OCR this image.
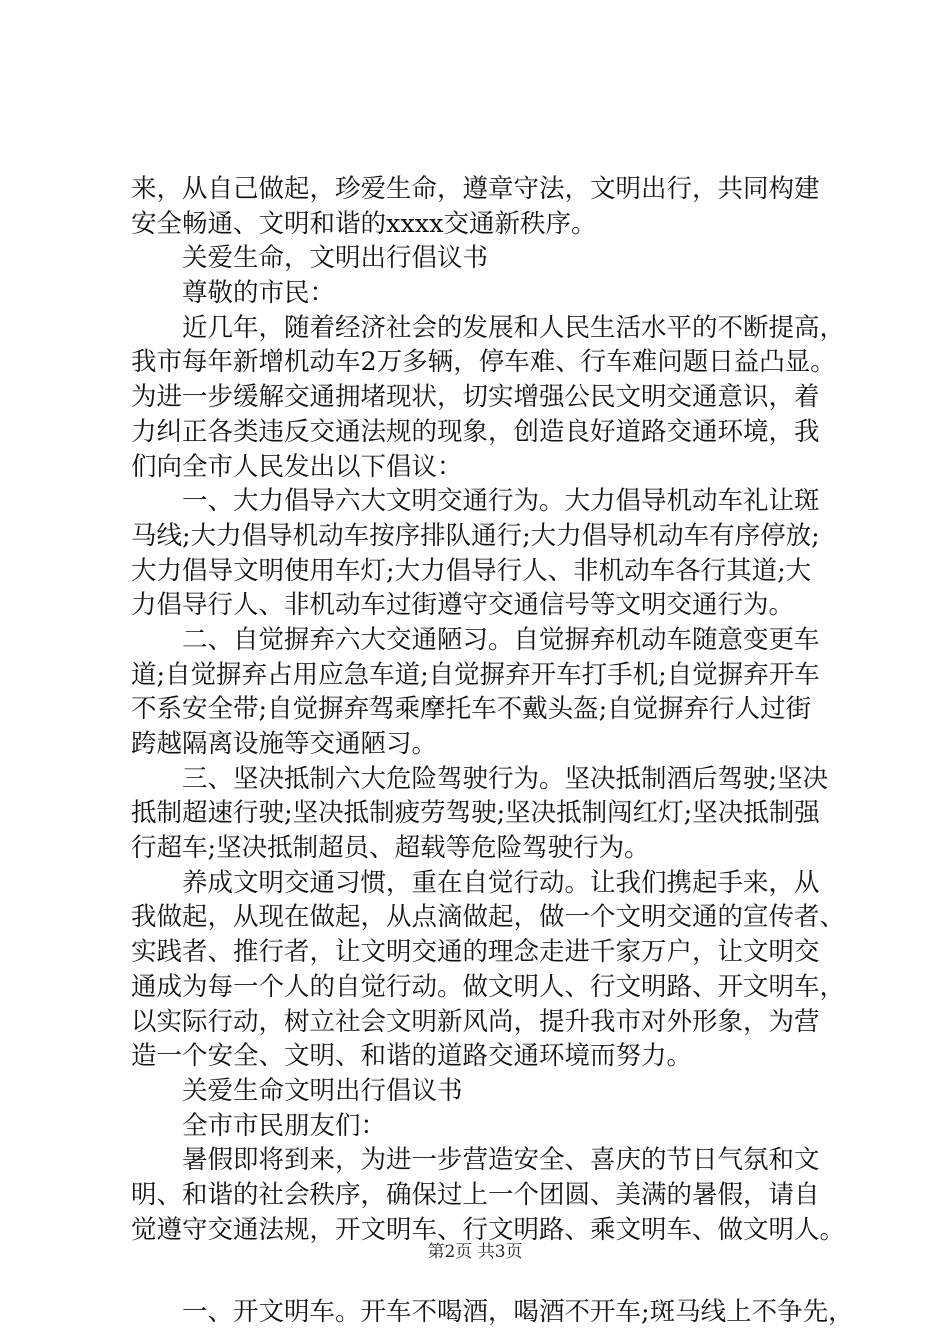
来，从自己做起，珍爱生命，遵章守法，文明出行，共同构建
安全畅通、文明和谐的xxxx交通新秩序。
关爱生命，文明出行倡议书
尊敬的市民：
近几年，随着经济社会的发展和人民生活水平的不断提高，
我市每年新增机动车2万多辆，停车难、行车难问题日益凸显。
为进一步缓解交通拥堵现状，切实增强公民文明交通意识，着
力纠正各类违反交通法规的现象，创造良好道路交通环境，我
们向全市人民发出以下倡议：
一、大力倡导六大文明交通行为。大力倡导机动车礼让斑
马线;大力倡导机动车按序排队通行;大力倡导机动车有序停放;
大力倡导文明使用车灯;大力倡导行人、非机动车各行其道;大
力倡导行人、非机动车过街遵守交通信号等文明交通行为。
二、自觉摒弃六大交通陋习。自觉摒弃机动车随意变更车
道;自觉摒弃占用应急车道;自觉摒弃开车打手机;自觉摒弃开车
不系安全带;自觉摒弃驾乘摩托车不戴头盔;自觉摒弃行人过街
跨越隔离设施等交通陋习。
三、坚决抵制六大危险驾驶行为。坚决抵制酒后驾驶;坚决
抵制超速行驶;坚决抵制疲劳驾驶;坚决抵制闯红灯;坚决抵制强
行超车;坚决抵制超员、超载等危险驾驶行为。
养成文明交通习惯，重在自觉行动。让我们携起手来，从
我做起，从现在做起，从点滴做起，做一个文明交通的宣传者、
实践者、推行者，让文明交通的理念走进千家万户，让文明交
通成为每一个人的自觉行动。做文明人、行文明路、开文明车，
以实际行动，树立社会文明新风尚，提升我市对外形象，为营
造一个安全、文明、和谐的道路交通环境而努力。
关爱生命文明出行倡议书
全市市民朋友们：
暑假即将到来，为进一步营造安全、喜庆的节日气氛和文
明、和谐的社会秩序，确保过上一个团圆、美满的暑假，请自
觉遵守交通法规，开文明车、行文明路、乘文明车、做文明人。
一、开文明车。开车不喝酒，喝酒不开车;斑马线上不争先，
第2页 共3页
